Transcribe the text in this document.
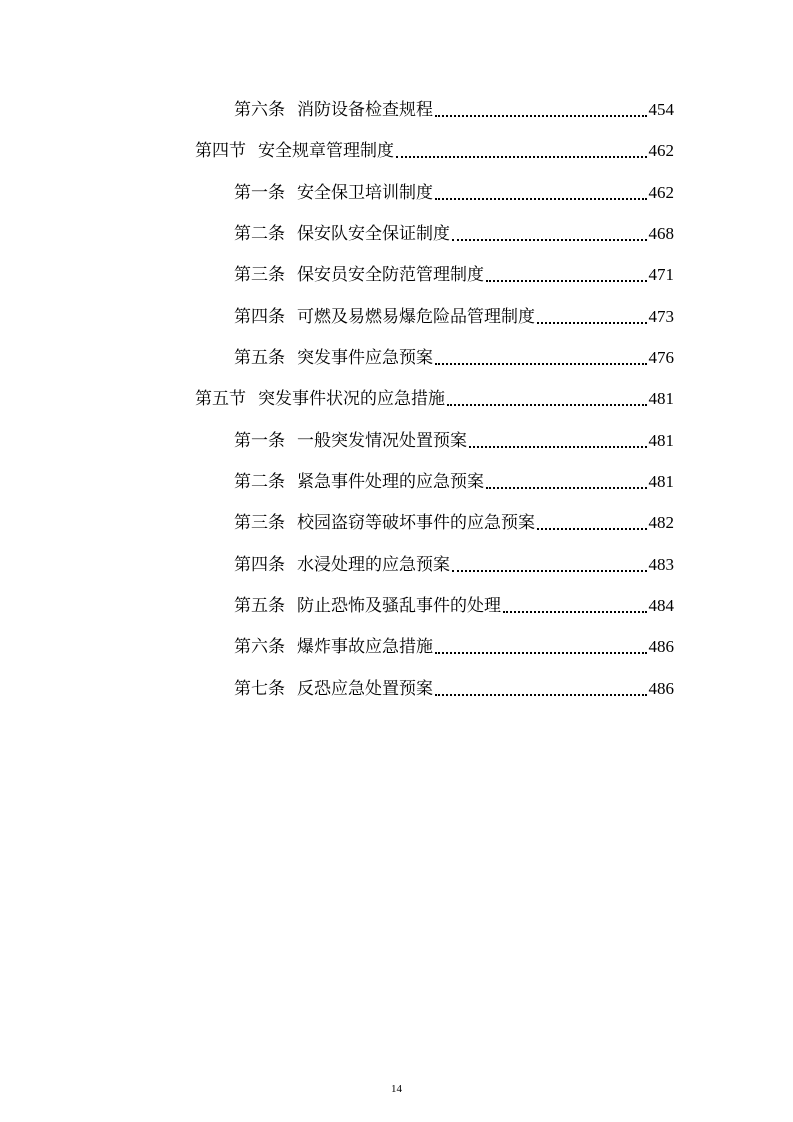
第六条 消防设备检查规程	454
第四节 安全规章管理制度	462
第一条 安全保卫培训制度	462
第二条 保安队安全保证制度	468
第三条 保安员安全防范管理制度	471
第四条 可燃及易燃易爆危险品管理制度	473
第五条 突发事件应急预案	476
第五节 突发事件状况的应急措施	481
第一条 一般突发情况处置预案	481
第二条 紧急事件处理的应急预案	481
第三条 校园盗窃等破坏事件的应急预案	482
第四条 水浸处理的应急预案	483
第五条 防止恐怖及骚乱事件的处理	484
第六条 爆炸事故应急措施	486
第七条 反恐应急处置预案	486
14
